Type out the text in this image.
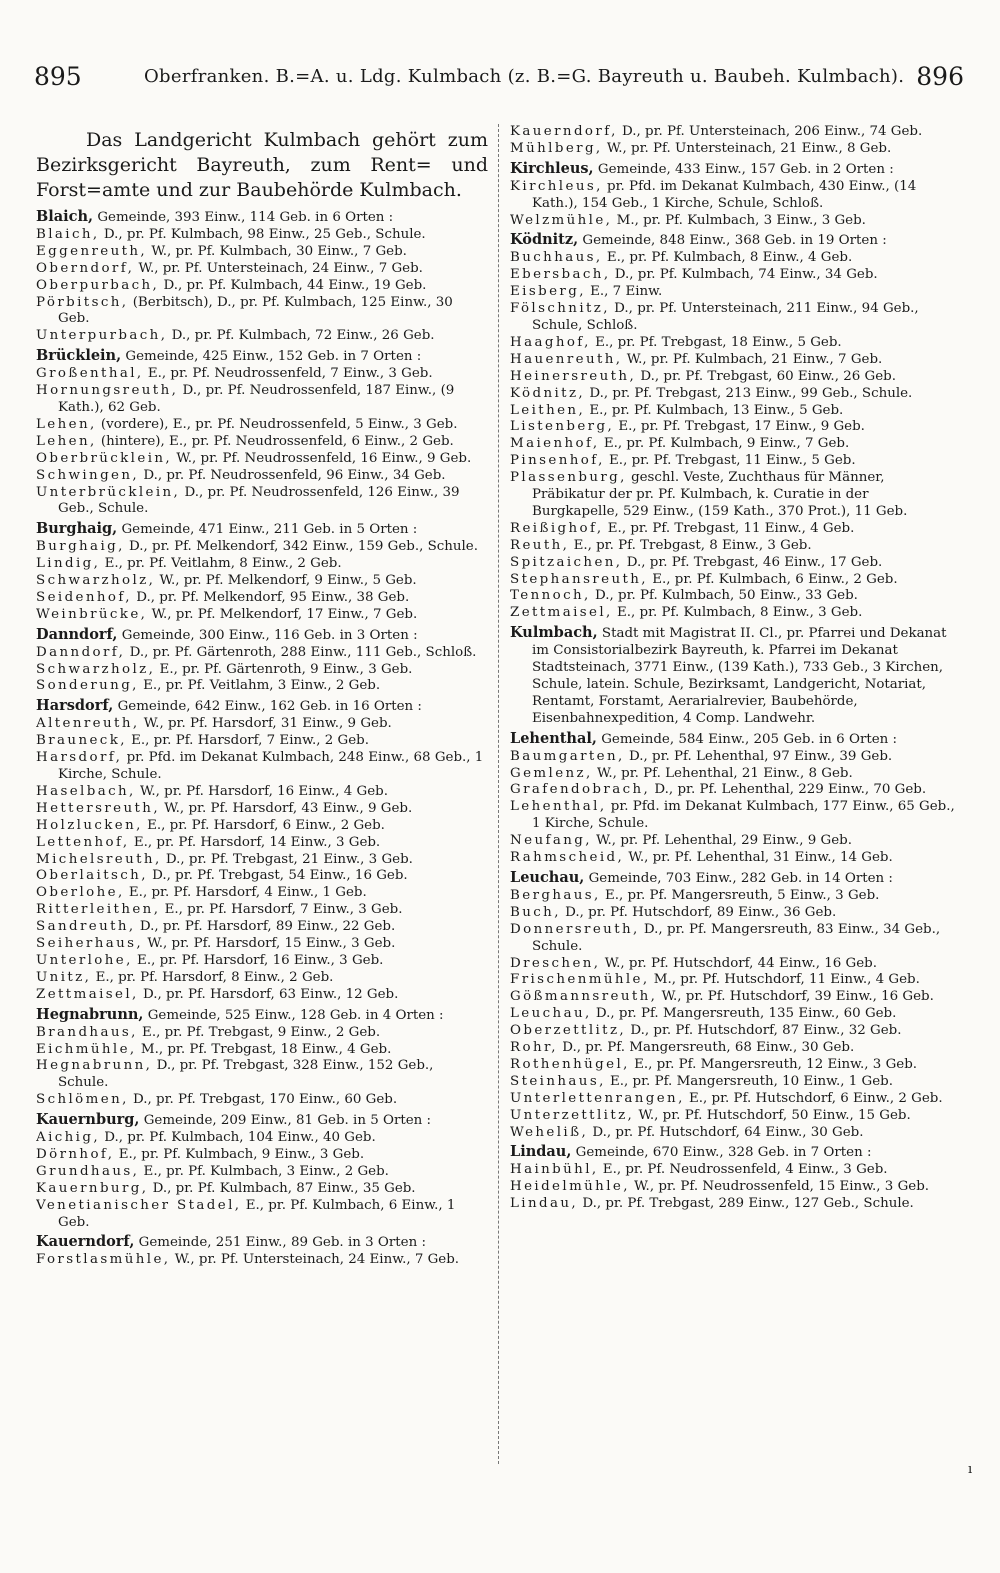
895	Oberfranken. B.=A. u. Ldg. Kulmbach (z. B.=G. Bayreuth u. Baubeh. Kulmbach). 896

Das Landgericht Kulmbach gehört zum Bezirksgericht Bayreuth, zum Rent= und Forst=amte und zur Baubehörde Kulmbach.

Blaich, Gemeinde, 393 Einw., 114 Geb. in 6 Orten :
Blaich, D., pr. Pf. Kulmbach, 98 Einw., 25 Geb., Schule.
Eggenreuth, W., pr. Pf. Kulmbach, 30 Einw., 7 Geb.
Oberndorf, W., pr. Pf. Untersteinach, 24 Einw., 7 Geb.
Oberpurbach, D., pr. Pf. Kulmbach, 44 Einw., 19 Geb.
Pörbitsch, (Berbitsch), D., pr. Pf. Kulmbach, 125 Einw., 30 Geb.
Unterpurbach, D., pr. Pf. Kulmbach, 72 Einw., 26 Geb.
Brücklein, Gemeinde, 425 Einw., 152 Geb. in 7 Orten :
Großenthal, E., pr. Pf. Neudrossenfeld, 7 Einw., 3 Geb.
Hornungsreuth, D., pr. Pf. Neudrossenfeld, 187 Einw., (9 Kath.), 62 Geb.
Lehen, (vordere), E., pr. Pf. Neudrossenfeld, 5 Einw., 3 Geb.
Lehen, (hintere), E., pr. Pf. Neudrossenfeld, 6 Einw., 2 Geb.
Oberbrücklein, W., pr. Pf. Neudrossenfeld, 16 Einw., 9 Geb.
Schwingen, D., pr. Pf. Neudrossenfeld, 96 Einw., 34 Geb.
Unterbrücklein, D., pr. Pf. Neudrossenfeld, 126 Einw., 39 Geb., Schule.
Burghaig, Gemeinde, 471 Einw., 211 Geb. in 5 Orten :
Burghaig, D., pr. Pf. Melkendorf, 342 Einw., 159 Geb., Schule.
Lindig, E., pr. Pf. Veitlahm, 8 Einw., 2 Geb.
Schwarzholz, W., pr. Pf. Melkendorf, 9 Einw., 5 Geb.
Seidenhof, D., pr. Pf. Melkendorf, 95 Einw., 38 Geb.
Weinbrücke, W., pr. Pf. Melkendorf, 17 Einw., 7 Geb.
Danndorf, Gemeinde, 300 Einw., 116 Geb. in 3 Orten :
Danndorf, D., pr. Pf. Gärtenroth, 288 Einw., 111 Geb., Schloß.
Schwarzholz, E., pr. Pf. Gärtenroth, 9 Einw., 3 Geb.
Sonderung, E., pr. Pf. Veitlahm, 3 Einw., 2 Geb.
Harsdorf, Gemeinde, 642 Einw., 162 Geb. in 16 Orten :
Altenreuth, W., pr. Pf. Harsdorf, 31 Einw., 9 Geb.
Brauneck, E., pr. Pf. Harsdorf, 7 Einw., 2 Geb.
Harsdorf, pr. Pfd. im Dekanat Kulmbach, 248 Einw., 68 Geb., 1 Kirche, Schule.
Haselbach, W., pr. Pf. Harsdorf, 16 Einw., 4 Geb.
Hettersreuth, W., pr. Pf. Harsdorf, 43 Einw., 9 Geb.
Holzlucken, E., pr. Pf. Harsdorf, 6 Einw., 2 Geb.
Lettenhof, E., pr. Pf. Harsdorf, 14 Einw., 3 Geb.
Michelsreuth, D., pr. Pf. Trebgast, 21 Einw., 3 Geb.
Oberlaitsch, D., pr. Pf. Trebgast, 54 Einw., 16 Geb.
Oberlohe, E., pr. Pf. Harsdorf, 4 Einw., 1 Geb.
Ritterleithen, E., pr. Pf. Harsdorf, 7 Einw., 3 Geb.
Sandreuth, D., pr. Pf. Harsdorf, 89 Einw., 22 Geb.
Seiherhaus, W., pr. Pf. Harsdorf, 15 Einw., 3 Geb.
Unterlohe, E., pr. Pf. Harsdorf, 16 Einw., 3 Geb.
Unitz, E., pr. Pf. Harsdorf, 8 Einw., 2 Geb.
Zettmaisel, D., pr. Pf. Harsdorf, 63 Einw., 12 Geb.
Hegnabrunn, Gemeinde, 525 Einw., 128 Geb. in 4 Orten :
Brandhaus, E., pr. Pf. Trebgast, 9 Einw., 2 Geb.
Eichmühle, M., pr. Pf. Trebgast, 18 Einw., 4 Geb.
Hegnabrunn, D., pr. Pf. Trebgast, 328 Einw., 152 Geb., Schule.
Schlömen, D., pr. Pf. Trebgast, 170 Einw., 60 Geb.
Kauernburg, Gemeinde, 209 Einw., 81 Geb. in 5 Orten :
Aichig, D., pr. Pf. Kulmbach, 104 Einw., 40 Geb.
Dörnhof, E., pr. Pf. Kulmbach, 9 Einw., 3 Geb.
Grundhaus, E., pr. Pf. Kulmbach, 3 Einw., 2 Geb.
Kauernburg, D., pr. Pf. Kulmbach, 87 Einw., 35 Geb.
Venetianischer Stadel, E., pr. Pf. Kulmbach, 6 Einw., 1 Geb.
Kauerndorf, Gemeinde, 251 Einw., 89 Geb. in 3 Orten :
Forstlasmühle, W., pr. Pf. Untersteinach, 24 Einw., 7 Geb.
Kauerndorf, D., pr. Pf. Untersteinach, 206 Einw., 74 Geb.
Mühlberg, W., pr. Pf. Untersteinach, 21 Einw., 8 Geb.
Kirchleus, Gemeinde, 433 Einw., 157 Geb. in 2 Orten :
Kirchleus, pr. Pfd. im Dekanat Kulmbach, 430 Einw., (14 Kath.), 154 Geb., 1 Kirche, Schule, Schloß.
Welzmühle, M., pr. Pf. Kulmbach, 3 Einw., 3 Geb.
Ködnitz, Gemeinde, 848 Einw., 368 Geb. in 19 Orten :
Buchhaus, E., pr. Pf. Kulmbach, 8 Einw., 4 Geb.
Ebersbach, D., pr. Pf. Kulmbach, 74 Einw., 34 Geb.
Eisberg, E., 7 Einw.
Fölschnitz, D., pr. Pf. Untersteinach, 211 Einw., 94 Geb., Schule, Schloß.
Haaghof, E., pr. Pf. Trebgast, 18 Einw., 5 Geb.
Hauenreuth, W., pr. Pf. Kulmbach, 21 Einw., 7 Geb.
Heinersreuth, D., pr. Pf. Trebgast, 60 Einw., 26 Geb.
Ködnitz, D., pr. Pf. Trebgast, 213 Einw., 99 Geb., Schule.
Leithen, E., pr. Pf. Kulmbach, 13 Einw., 5 Geb.
Listenberg, E., pr. Pf. Trebgast, 17 Einw., 9 Geb.
Maienhof, E., pr. Pf. Kulmbach, 9 Einw., 7 Geb.
Pinsenhof, E., pr. Pf. Trebgast, 11 Einw., 5 Geb.
Plassenburg, geschl. Veste, Zuchthaus für Männer, Präbikatur der pr. Pf. Kulmbach, k. Curatie in der Burgkapelle, 529 Einw., (159 Kath., 370 Prot.), 11 Geb.
Reißighof, E., pr. Pf. Trebgast, 11 Einw., 4 Geb.
Reuth, E., pr. Pf. Trebgast, 8 Einw., 3 Geb.
Spitzaichen, D., pr. Pf. Trebgast, 46 Einw., 17 Geb.
Stephansreuth, E., pr. Pf. Kulmbach, 6 Einw., 2 Geb.
Tennoch, D., pr. Pf. Kulmbach, 50 Einw., 33 Geb.
Zettmaisel, E., pr. Pf. Kulmbach, 8 Einw., 3 Geb.
Kulmbach, Stadt mit Magistrat II. Cl., pr. Pfarrei und Dekanat im Consistorialbezirk Bayreuth, k. Pfarrei im Dekanat Stadtsteinach, 3771 Einw., (139 Kath.), 733 Geb., 3 Kirchen, Schule, latein. Schule, Bezirksamt, Landgericht, Notariat, Rentamt, Forstamt, Aerarialrevier, Baubehörde, Eisenbahnexpedition, 4 Comp. Landwehr.
Lehenthal, Gemeinde, 584 Einw., 205 Geb. in 6 Orten :
Baumgarten, D., pr. Pf. Lehenthal, 97 Einw., 39 Geb.
Gemlenz, W., pr. Pf. Lehenthal, 21 Einw., 8 Geb.
Grafendobrach, D., pr. Pf. Lehenthal, 229 Einw., 70 Geb.
Lehenthal, pr. Pfd. im Dekanat Kulmbach, 177 Einw., 65 Geb., 1 Kirche, Schule.
Neufang, W., pr. Pf. Lehenthal, 29 Einw., 9 Geb.
Rahmscheid, W., pr. Pf. Lehenthal, 31 Einw., 14 Geb.
Leuchau, Gemeinde, 703 Einw., 282 Geb. in 14 Orten :
Berghaus, E., pr. Pf. Mangersreuth, 5 Einw., 3 Geb.
Buch, D., pr. Pf. Hutschdorf, 89 Einw., 36 Geb.
Donnersreuth, D., pr. Pf. Mangersreuth, 83 Einw., 34 Geb., Schule.
Dreschen, W., pr. Pf. Hutschdorf, 44 Einw., 16 Geb.
Frischenmühle, M., pr. Pf. Hutschdorf, 11 Einw., 4 Geb.
Gößmannsreuth, W., pr. Pf. Hutschdorf, 39 Einw., 16 Geb.
Leuchau, D., pr. Pf. Mangersreuth, 135 Einw., 60 Geb.
Oberzettlitz, D., pr. Pf. Hutschdorf, 87 Einw., 32 Geb.
Rohr, D., pr. Pf. Mangersreuth, 68 Einw., 30 Geb.
Rothenhügel, E., pr. Pf. Mangersreuth, 12 Einw., 3 Geb.
Steinhaus, E., pr. Pf. Mangersreuth, 10 Einw., 1 Geb.
Unterlettenrangen, E., pr. Pf. Hutschdorf, 6 Einw., 2 Geb.
Unterzettlitz, W., pr. Pf. Hutschdorf, 50 Einw., 15 Geb.
Weheliß, D., pr. Pf. Hutschdorf, 64 Einw., 30 Geb.
Lindau, Gemeinde, 670 Einw., 328 Geb. in 7 Orten :
Hainbühl, E., pr. Pf. Neudrossenfeld, 4 Einw., 3 Geb.
Heidelmühle, W., pr. Pf. Neudrossenfeld, 15 Einw., 3 Geb.
Lindau, D., pr. Pf. Trebgast, 289 Einw., 127 Geb., Schule.
ı
